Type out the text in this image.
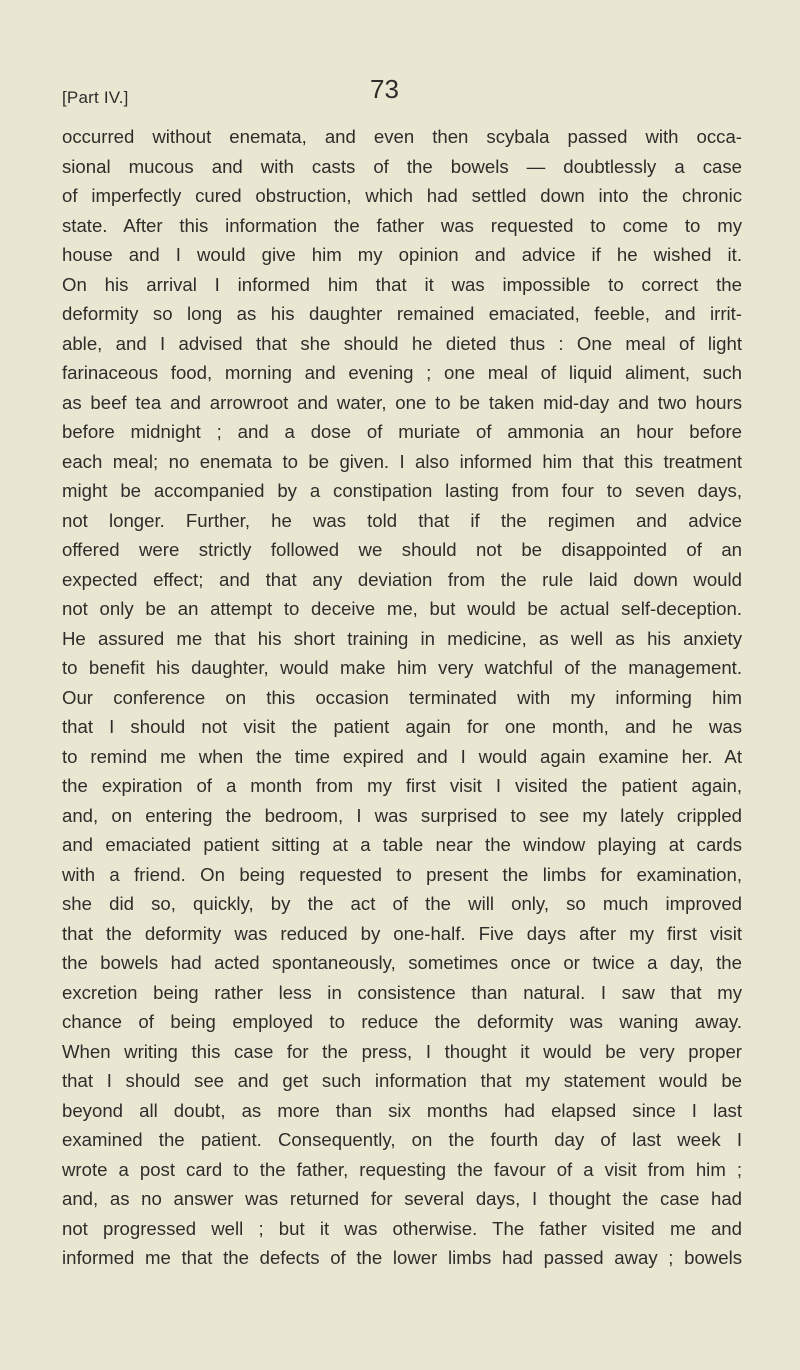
[Part IV.]	73
occurred without enemata, and even then scybala passed with occa-
sional mucous and with casts of the bowels — doubtlessly a case
of imperfectly cured obstruction, which had settled down into the chronic
state. After this information the father was requested to come to my
house and I would give him my opinion and advice if he wished it.
On his arrival I informed him that it was impossible to correct the
deformity so long as his daughter remained emaciated, feeble, and irrit-
able, and I advised that she should he dieted thus : One meal of light
farinaceous food, morning and evening ; one meal of liquid aliment, such
as beef tea and arrowroot and water, one to be taken mid-day and two hours
before midnight ; and a dose of muriate of ammonia an hour before
each meal; no enemata to be given. I also informed him that this treatment
might be accompanied by a constipation lasting from four to seven days,
not longer. Further, he was told that if the regimen and advice
offered were strictly followed we should not be disappointed of an
expected effect; and that any deviation from the rule laid down would
not only be an attempt to deceive me, but would be actual self-deception.
He assured me that his short training in medicine, as well as his anxiety
to benefit his daughter, would make him very watchful of the management.
Our conference on this occasion terminated with my informing him
that I should not visit the patient again for one month, and he was
to remind me when the time expired and I would again examine her. At
the expiration of a month from my first visit I visited the patient again,
and, on entering the bedroom, I was surprised to see my lately crippled
and emaciated patient sitting at a table near the window playing at cards
with a friend. On being requested to present the limbs for examination,
she did so, quickly, by the act of the will only, so much improved
that the deformity was reduced by one-half. Five days after my first visit
the bowels had acted spontaneously, sometimes once or twice a day, the
excretion being rather less in consistence than natural. I saw that my
chance of being employed to reduce the deformity was waning away.
When writing this case for the press, I thought it would be very proper
that I should see and get such information that my statement would be
beyond all doubt, as more than six months had elapsed since I last
examined the patient. Consequently, on the fourth day of last week I
wrote a post card to the father, requesting the favour of a visit from him ;
and, as no answer was returned for several days, I thought the case had
not progressed well ; but it was otherwise. The father visited me and
informed me that the defects of the lower limbs had passed away ; bowels
